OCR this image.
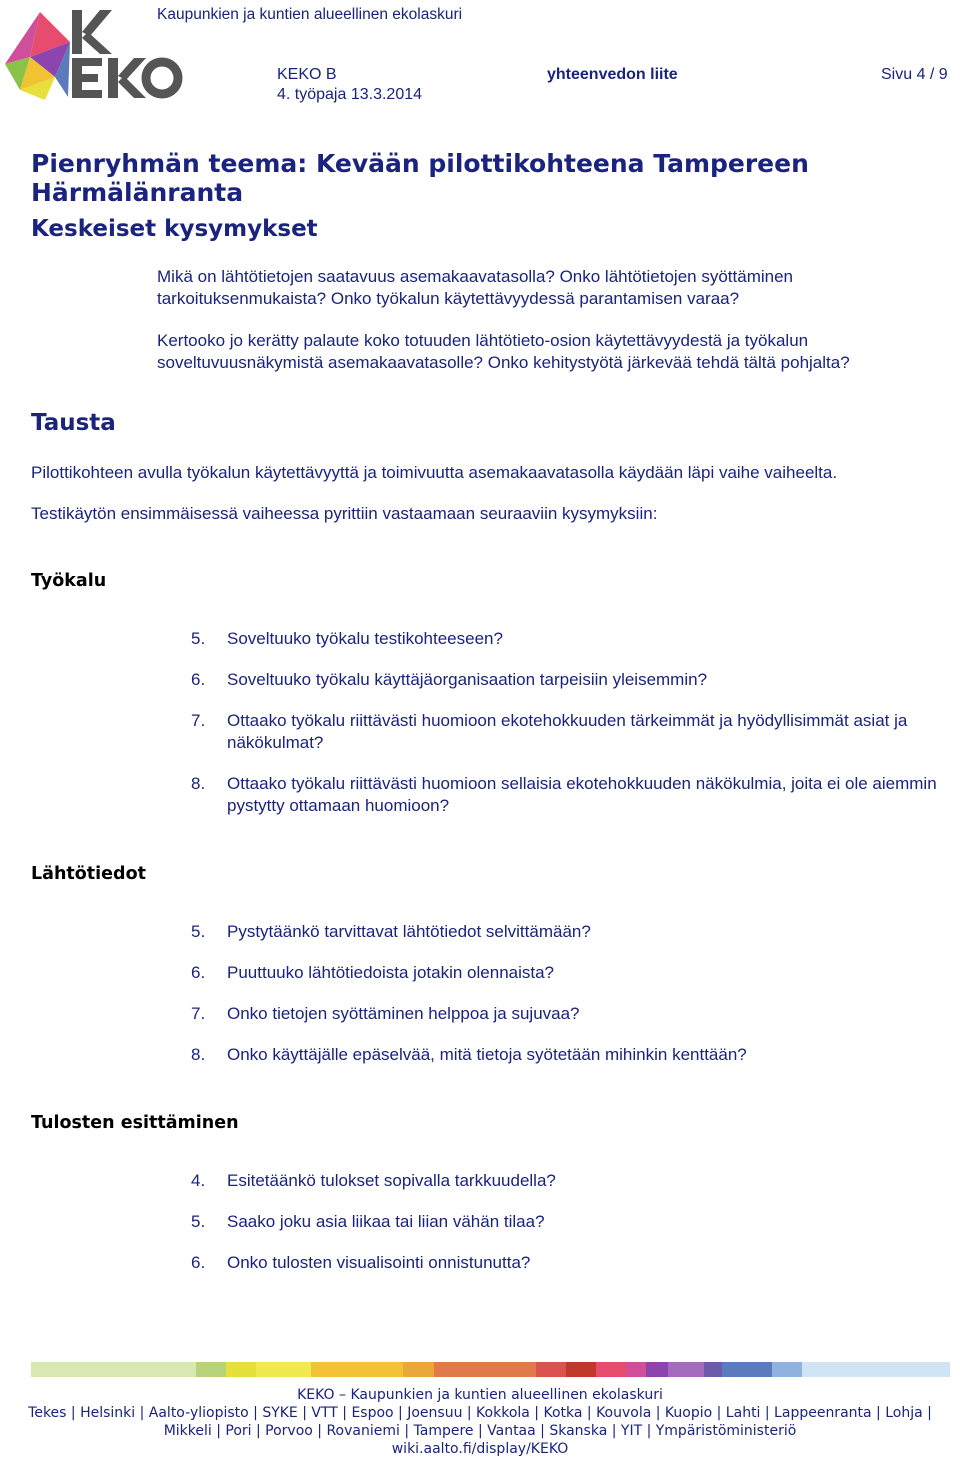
Kaupunkien ja kuntien alueellinen ekolaskuri
KEKO B
4. työpaja 13.3.2014
yhteenvedon liite	Sivu 4 / 9
Pienryhmän teema: Kevään pilottikohteena Tampereen Härmälänranta
Keskeiset kysymykset
Mikä on lähtötietojen saatavuus asemakaavatasolla? Onko lähtötietojen syöttäminen tarkoituksenmukaista? Onko työkalun käytettävyydessä parantamisen varaa?
Kertooko jo kerätty palaute koko totuuden lähtötieto-osion käytettävyydestä ja työkalun soveltuvuusnäkymistä asemakaavatasolle? Onko kehitystyötä järkevää tehdä tältä pohjalta?
Tausta
Pilottikohteen avulla työkalun käytettävyyttä ja toimivuutta asemakaavatasolla käydään läpi vaihe vaiheelta.
Testikäytön ensimmäisessä vaiheessa pyrittiin vastaamaan seuraaviin kysymyksiin:
Työkalu
5.	Soveltuuko työkalu testikohteeseen?
6.	Soveltuuko työkalu käyttäjäorganisaation tarpeisiin yleisemmin?
7.	Ottaako työkalu riittävästi huomioon ekotehokkuuden tärkeimmät ja hyödyllisimmät asiat ja näkökulmat?
8.	Ottaako työkalu riittävästi huomioon sellaisia ekotehokkuuden näkökulmia, joita ei ole aiemmin pystytty ottamaan huomioon?
Lähtötiedot
5.	Pystytäänkö tarvittavat lähtötiedot selvittämään?
6.	Puuttuuko lähtötiedoista jotakin olennaista?
7.	Onko tietojen syöttäminen helppoa ja sujuvaa?
8.	Onko käyttäjälle epäselvää, mitä tietoja syötetään mihinkin kenttään?
Tulosten esittäminen
4.	Esitetäänkö tulokset sopivalla tarkkuudella?
5.	Saako joku asia liikaa tai liian vähän tilaa?
6.	Onko tulosten visualisointi onnistunutta?
KEKO – Kaupunkien ja kuntien alueellinen ekolaskuri
Tekes | Helsinki | Aalto-yliopisto | SYKE | VTT | Espoo | Joensuu | Kokkola | Kotka | Kouvola | Kuopio | Lahti | Lappeenranta | Lohja |
Mikkeli | Pori | Porvoo | Rovaniemi | Tampere | Vantaa | Skanska | YIT | Ympäristöministeriö
wiki.aalto.fi/display/KEKO
